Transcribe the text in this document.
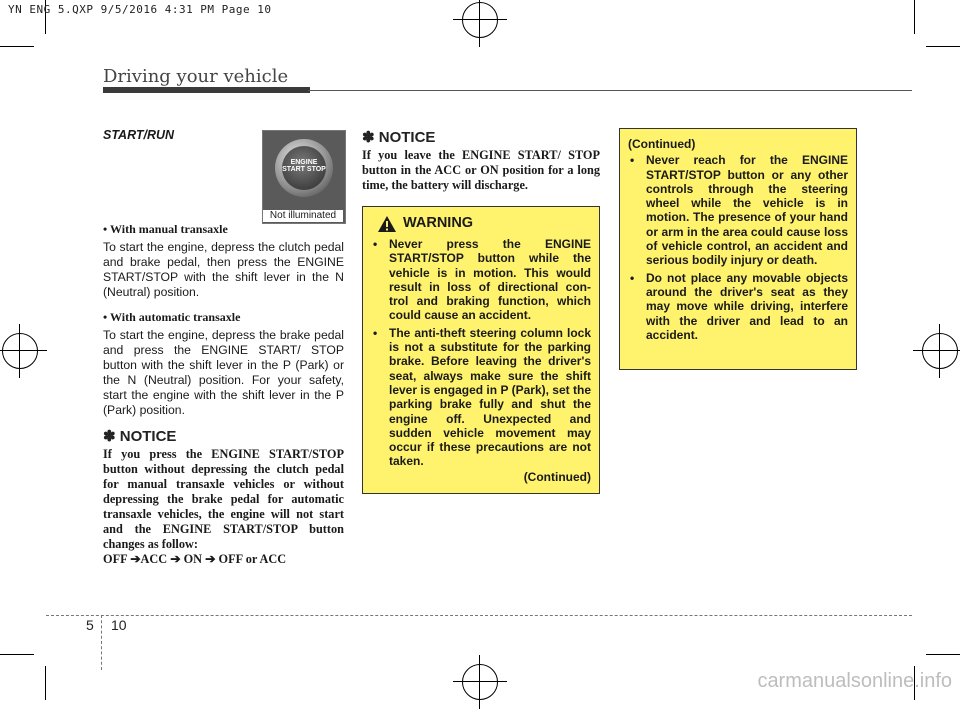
YN ENG 5.QXP 9/5/2016 4:31 PM Page 10
Driving your vehicle
START/RUN
ENGINE START STOP
Not illuminated
• With manual transaxle
To start the engine, depress the clutch pedal and brake pedal, then press the ENGINE START/STOP with the shift lever in the N (Neutral) position.
• With automatic transaxle
To start the engine, depress the brake pedal and press the ENGINE START/ STOP button with the shift lever in the P (Park) or the N (Neutral) position. For your safety, start the engine with the shift lever in the P (Park) position.
✽ NOTICE
If you press the ENGINE START/STOP button without depressing the clutch pedal for manual transaxle vehicles or without depressing the brake pedal for automatic transaxle vehicles, the engine will not start and the ENGINE START/STOP button changes as follow:
OFF ➔ACC ➔ ON ➔ OFF or ACC
✽ NOTICE
If you leave the ENGINE START/ STOP button in the ACC or ON position for a long time, the battery will discharge.
WARNING
• Never press the ENGINE START/STOP button while the vehicle is in motion. This would result in loss of directional con- trol and braking function, which could cause an accident.
• The anti-theft steering column lock is not a substitute for the parking brake. Before leaving the driver's seat, always make sure the shift lever is engaged in P (Park), set the parking brake fully and shut the engine off. Unexpected and sudden vehicle movement may occur if these precautions are not taken.
(Continued)
(Continued)
• Never reach for the ENGINE START/STOP button or any other controls through the steering wheel while the vehicle is in motion. The presence of your hand or arm in the area could cause loss of vehicle control, an accident and serious bodily injury or death.
• Do not place any movable objects around the driver's seat as they may move while driving, interfere with the driver and lead to an accident.
5 10
carmanualsonline.info
